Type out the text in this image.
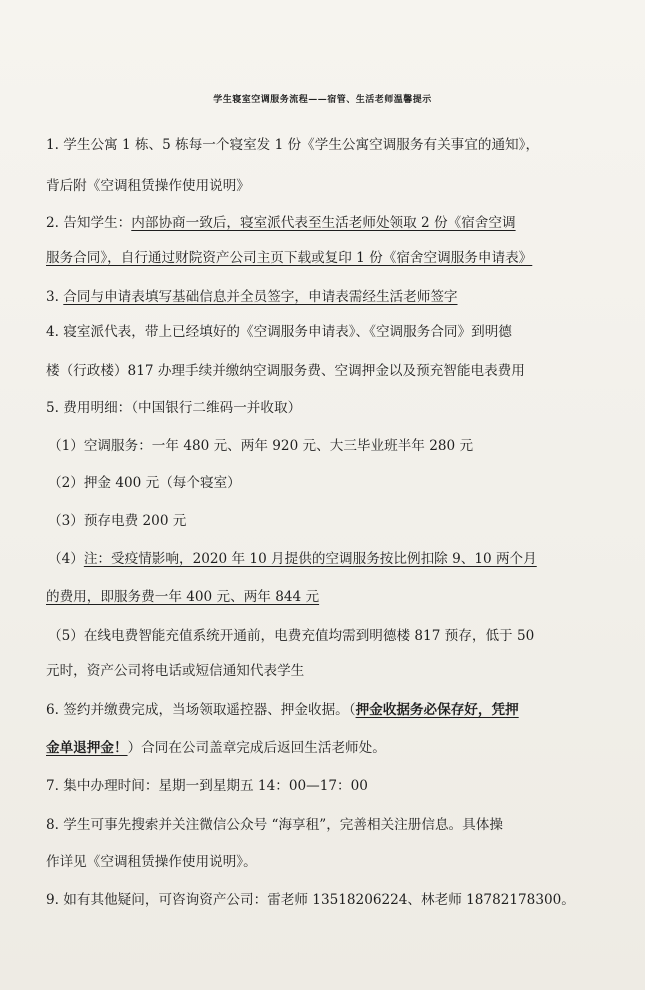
学生寝室空调服务流程——宿管、生活老师温馨提示
1. 学生公寓 1 栋、5 栋每一个寝室发 1 份《学生公寓空调服务有关事宜的通知》，
背后附《空调租赁操作使用说明》
2. 告知学生：内部协商一致后，寝室派代表至生活老师处领取 2 份《宿舍空调
服务合同》，自行通过财院资产公司主页下载或复印 1 份《宿舍空调服务申请表》
3. 合同与申请表填写基础信息并全员签字，申请表需经生活老师签字
4. 寝室派代表，带上已经填好的《空调服务申请表》、《空调服务合同》到明德
楼（行政楼）817 办理手续并缴纳空调服务费、空调押金以及预充智能电表费用
5. 费用明细：（中国银行二维码一并收取）
（1）空调服务：一年 480 元、两年 920 元、大三毕业班半年 280 元
（2）押金 400 元（每个寝室）
（3）预存电费 200 元
（4）注：受疫情影响，2020 年 10 月提供的空调服务按比例扣除 9、10 两个月
的费用，即服务费一年 400 元、两年 844 元
（5）在线电费智能充值系统开通前，电费充值均需到明德楼 817 预存，低于 50
元时，资产公司将电话或短信通知代表学生
6. 签约并缴费完成，当场领取遥控器、押金收据。（押金收据务必保存好，凭押
金单退押金！）合同在公司盖章完成后返回生活老师处。
7. 集中办理时间：星期一到星期五 14：00—17：00
8. 学生可事先搜索并关注微信公众号 “海享租”，完善相关注册信息。具体操
作详见《空调租赁操作使用说明》。
9. 如有其他疑问，可咨询资产公司：雷老师 13518206224、林老师 18782178300。
